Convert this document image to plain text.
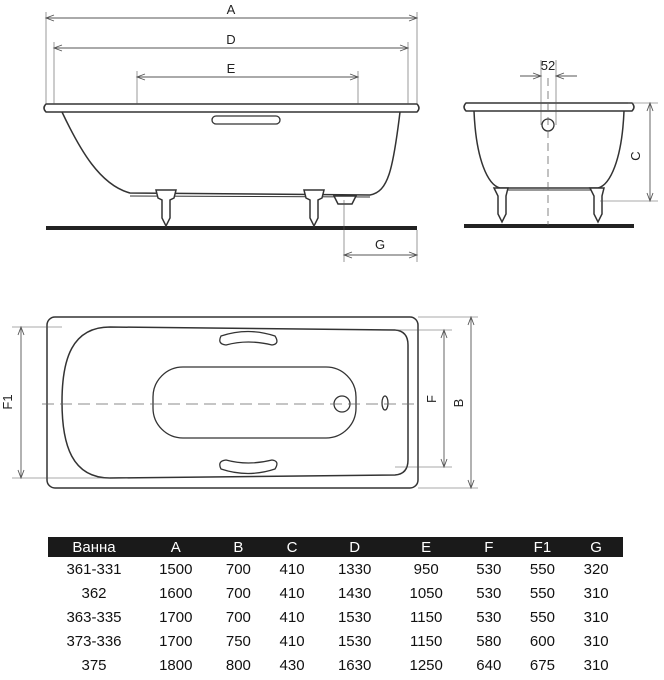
A
D
E
G
52
C
F1	F B
Ванна	A	B	C	D	E	F	F1	G
361-331	1500	700	410	1330	950	530	550	320
362	1600	700	410	1430	1050	530	550	310
363-335	1700	700	410	1530	1150	530	550	310
373-336	1700	750	410	1530	1150	580	600	310
375	1800	800	430	1630	1250	640	675	310
